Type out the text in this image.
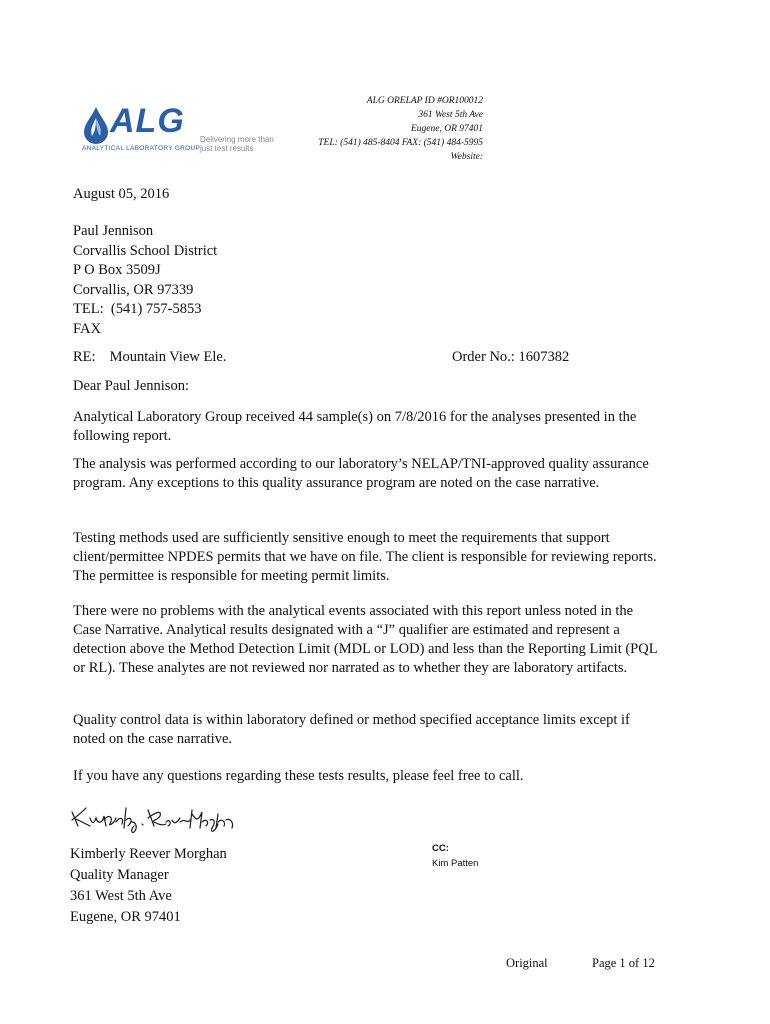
ALG
ANALYTICAL LABORATORY GROUP
Delivering more than just test results
ALG ORELAP ID #OR100012
361 West 5th Ave
Eugene, OR 97401
TEL: (541) 485-8404 FAX: (541) 484-5995
Website:
August 05, 2016
Paul Jennison
Corvallis School District
P O Box 3509J
Corvallis, OR 97339
TEL: (541) 757-5853
FAX
RE: Mountain View Ele.	Order No.: 1607382
Dear Paul Jennison:
Analytical Laboratory Group received 44 sample(s) on 7/8/2016 for the analyses presented in the following report.
The analysis was performed according to our laboratory’s NELAP/TNI-approved quality assurance program. Any exceptions to this quality assurance program are noted on the case narrative.
Testing methods used are sufficiently sensitive enough to meet the requirements that support client/permittee NPDES permits that we have on file. The client is responsible for reviewing reports. The permittee is responsible for meeting permit limits.
There were no problems with the analytical events associated with this report unless noted in the Case Narrative. Analytical results designated with a “J” qualifier are estimated and represent a detection above the Method Detection Limit (MDL or LOD) and less than the Reporting Limit (PQL or RL). These analytes are not reviewed nor narrated as to whether they are laboratory artifacts.
Quality control data is within laboratory defined or method specified acceptance limits except if noted on the case narrative.
If you have any questions regarding these tests results, please feel free to call.
Kimberly Reever Morghan
Quality Manager
361 West 5th Ave
Eugene, OR 97401
CC:
Kim Patten
Original	Page 1 of 12
